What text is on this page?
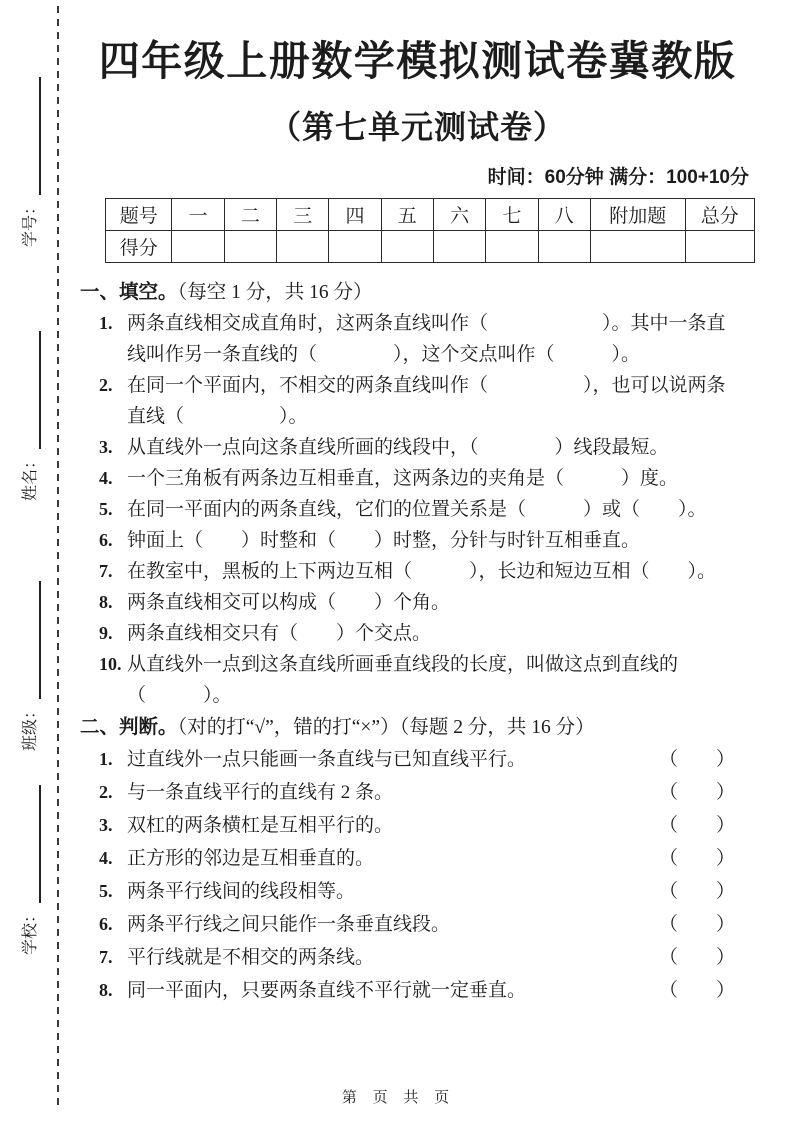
学号：
姓名：
班级：
学校：
四年级上册数学模拟测试卷冀教版
（第七单元测试卷）
时间：60分钟 满分：100+10分
题号	一	二	三	四	五	六	七	八	附加题	总分
得分										
一、填空。（每空 1 分，共 16 分）
1. 两条直线相交成直角时，这两条直线叫作（　　　　　　）。其中一条直
线叫作另一条直线的（　　　　），这个交点叫作（　　　）。
2. 在同一个平面内，不相交的两条直线叫作（　　　　　），也可以说两条
直线（　　　　　）。
3. 从直线外一点向这条直线所画的线段中，（　　　　）线段最短。
4. 一个三角板有两条边互相垂直，这两条边的夹角是（　　　）度。
5. 在同一平面内的两条直线，它们的位置关系是（　　　）或（　　）。
6. 钟面上（　　）时整和（　　）时整，分针与时针互相垂直。
7. 在教室中，黑板的上下两边互相（　　　），长边和短边互相（　　）。
8. 两条直线相交可以构成（　　）个角。
9. 两条直线相交只有（　　）个交点。
10. 从直线外一点到这条直线所画垂直线段的长度，叫做这点到直线的
（　　　）。
二、判断。（对的打“√”，错的打“×”）（每题 2 分，共 16 分）
1. 过直线外一点只能画一条直线与已知直线平行。	（　　）
2. 与一条直线平行的直线有 2 条。	（　　）
3. 双杠的两条横杠是互相平行的。	（　　）
4. 正方形的邻边是互相垂直的。	（　　）
5. 两条平行线间的线段相等。	（　　）
6. 两条平行线之间只能作一条垂直线段。	（　　）
7. 平行线就是不相交的两条线。	（　　）
8. 同一平面内，只要两条直线不平行就一定垂直。	（　　）
第 页 共 页
